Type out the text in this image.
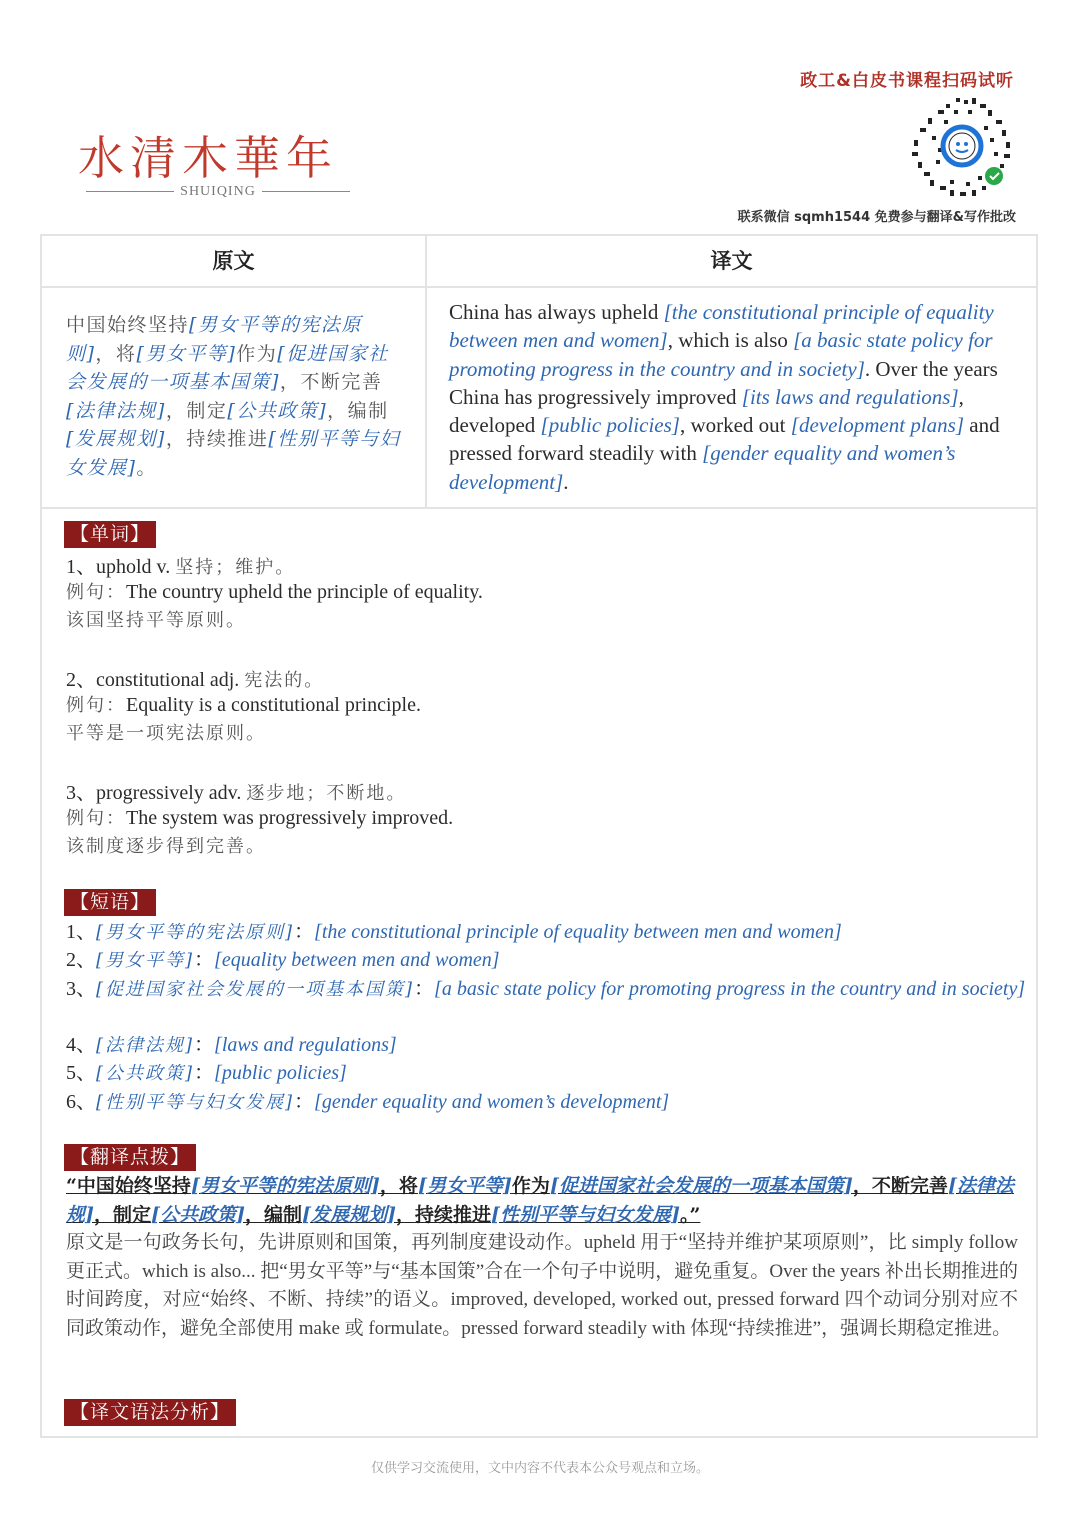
水清木華年
SHUIQING
政工&白皮书课程扫码试听
联系微信 sqmh1544 免费参与翻译&写作批改
原文	译文
中国始终坚持[男女平等的宪法原则]，将[男女平等]作为[促进国家社会发展的一项基本国策]，不断完善[法律法规]，制定[公共政策]，编制[发展规划]，持续推进[性别平等与妇女发展]。
China has always upheld [the constitutional principle of equality between men and women], which is also [a basic state policy for promoting progress in the country and in society]. Over the years China has progressively improved [its laws and regulations], developed [public policies], worked out [development plans] and pressed forward steadily with [gender equality and women’s development].
【单词】
1、uphold v. 坚持；维护。
例句：The country upheld the principle of equality.
该国坚持平等原则。
2、constitutional adj. 宪法的。
例句：Equality is a constitutional principle.
平等是一项宪法原则。
3、progressively adv. 逐步地；不断地。
例句：The system was progressively improved.
该制度逐步得到完善。
【短语】
1、[男女平等的宪法原则]：[the constitutional principle of equality between men and women]
2、[男女平等]：[equality between men and women]
3、[促进国家社会发展的一项基本国策]：[a basic state policy for promoting progress in the country and in society]
4、[法律法规]：[laws and regulations]
5、[公共政策]：[public policies]
6、[性别平等与妇女发展]：[gender equality and women’s development]
【翻译点拨】
“中国始终坚持[男女平等的宪法原则]，将[男女平等]作为[促进国家社会发展的一项基本国策]，不断完善[法律法规]，制定[公共政策]，编制[发展规划]，持续推进[性别平等与妇女发展]。”
原文是一句政务长句，先讲原则和国策，再列制度建设动作。upheld 用于“坚持并维护某项原则”，比 simply follow 更正式。which is also... 把“男女平等”与“基本国策”合在一个句子中说明，避免重复。Over the years 补出长期推进的时间跨度，对应“始终、不断、持续”的语义。improved, developed, worked out, pressed forward 四个动词分别对应不同政策动作，避免全部使用 make 或 formulate。pressed forward steadily with 体现“持续推进”，强调长期稳定推进。
【译文语法分析】
仅供学习交流使用，文中内容不代表本公众号观点和立场。
